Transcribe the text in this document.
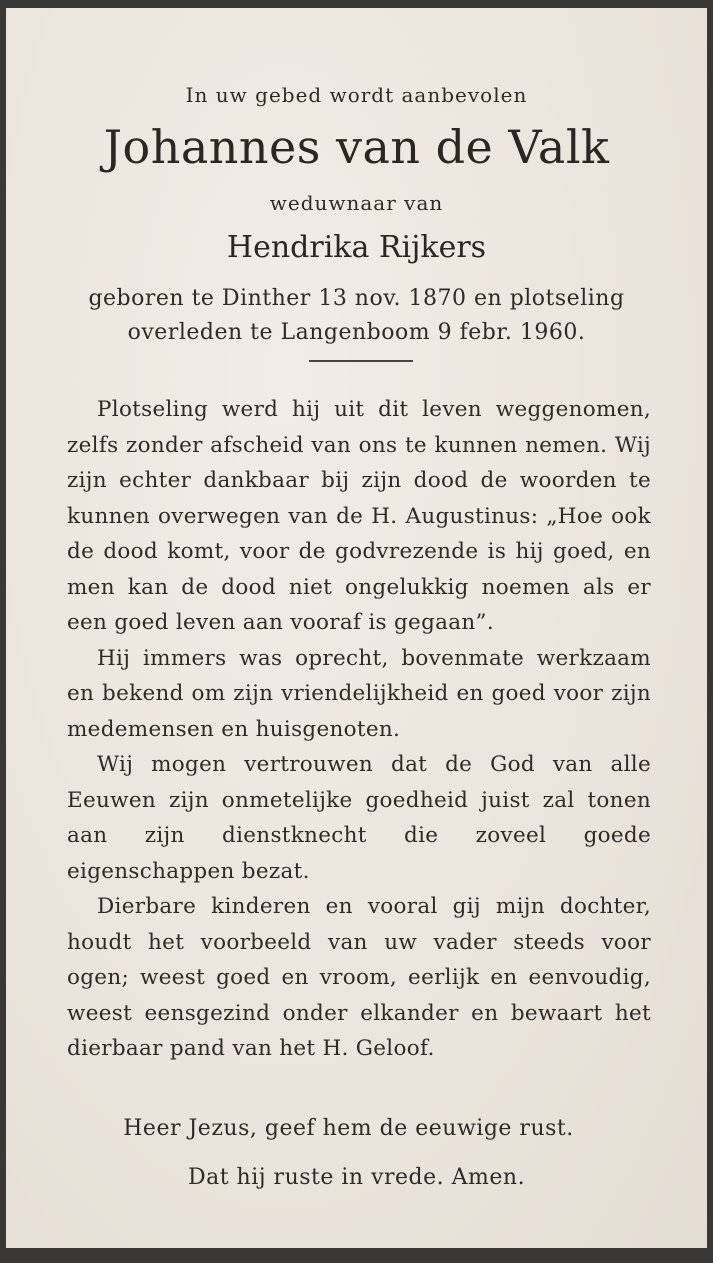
In uw gebed wordt aanbevolen
Johannes van de Valk
weduwnaar van
Hendrika Rijkers
geboren te Dinther 13 nov. 1870 en plotseling
overleden te Langenboom 9 febr. 1960.

Plotseling werd hij uit dit leven weggenomen, zelfs zonder afscheid van ons te kunnen nemen. Wij zijn echter dankbaar bij zijn dood de woorden te kunnen overwegen van de H. Augustinus: „Hoe ook de dood komt, voor de godvrezende is hij goed, en men kan de dood niet ongelukkig noemen als er een goed leven aan vooraf is gegaan”.

Hij immers was oprecht, bovenmate werkzaam en bekend om zijn vriendelijkheid en goed voor zijn medemensen en huisgenoten.

Wij mogen vertrouwen dat de God van alle Eeuwen zijn onmetelijke goedheid juist zal tonen aan zijn dienstknecht die zoveel goede eigenschappen bezat.

Dierbare kinderen en vooral gij mijn dochter, houdt het voorbeeld van uw vader steeds voor ogen; weest goed en vroom, eerlijk en eenvoudig, weest eensgezind onder elkander en bewaart het dierbaar pand van het H. Geloof.

Heer Jezus, geef hem de eeuwige rust.
Dat hij ruste in vrede. Amen.
